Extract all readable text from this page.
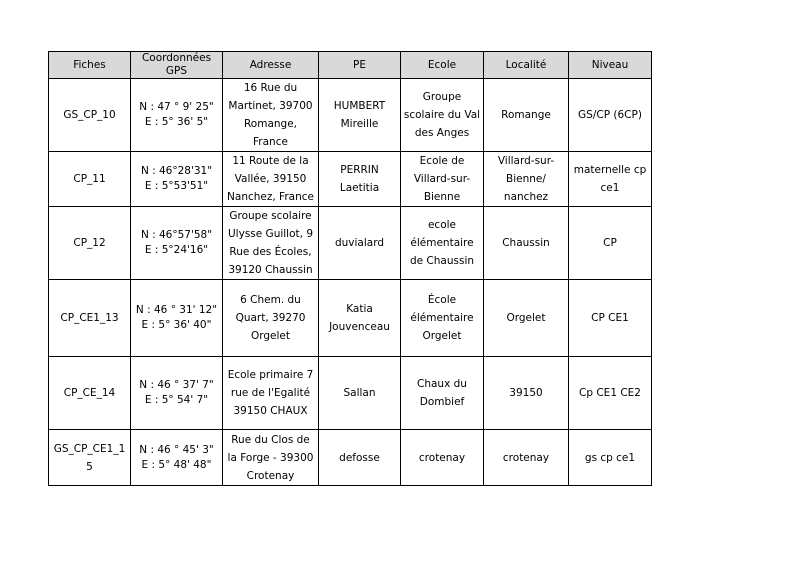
Fiches	Coordonnées GPS	Adresse	PE	Ecole	Localité	Niveau
GS_CP_10	N : 47 ° 9' 25"
E : 5° 36' 5"	16 Rue du Martinet, 39700 Romange, France	HUMBERT Mireille	Groupe scolaire du Val des Anges	Romange	GS/CP (6CP)
CP_11	N : 46°28'31"
E : 5°53'51"	11 Route de la Vallée, 39150 Nanchez, France	PERRIN Laetitia	Ecole de Villard-sur-Bienne	Villard-sur-Bienne/ nanchez	maternelle cp ce1
CP_12	N : 46°57'58"
E : 5°24'16"	Groupe scolaire Ulysse Guillot, 9 Rue des Écoles, 39120 Chaussin	duvialard	ecole élémentaire de Chaussin	Chaussin	CP
CP_CE1_13	N : 46 ° 31' 12"
E : 5° 36' 40"	6 Chem. du Quart, 39270 Orgelet	Katia Jouvenceau	École élémentaire Orgelet	Orgelet	CP CE1
CP_CE_14	N : 46 ° 37' 7"
E : 5° 54' 7"	Ecole primaire 7 rue de l'Egalité 39150 CHAUX	Sallan	Chaux du Dombief	39150	Cp CE1 CE2
GS_CP_CE1_15	N : 46 ° 45' 3"
E : 5° 48' 48"	Rue du Clos de la Forge - 39300 Crotenay	defosse	crotenay	crotenay	gs cp ce1
